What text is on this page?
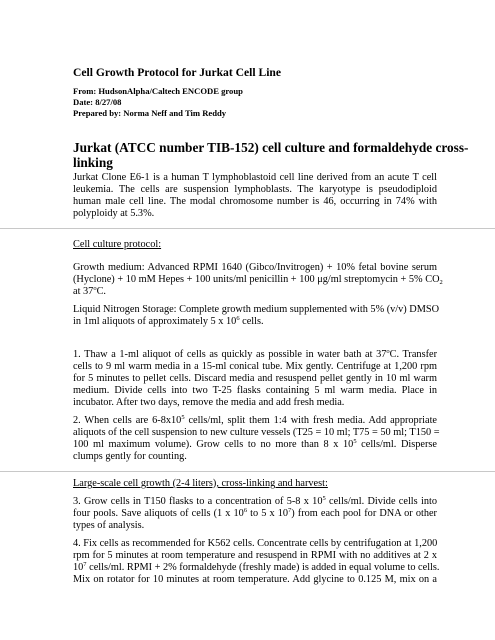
Cell Growth Protocol for Jurkat Cell Line
From: HudsonAlpha/Caltech ENCODE group
Date: 8/27/08
Prepared by: Norma Neff and Tim Reddy
Jurkat (ATCC number TIB-152) cell culture and formaldehyde cross-
linking
Jurkat Clone E6-1 is a human T lymphoblastoid cell line derived from an acute T cell
leukemia. The cells are suspension lymphoblasts. The karyotype is pseudodiploid
human male cell line. The modal chromosome number is 46, occurring in 74% with
polyploidy at 5.3%.
Cell culture protocol:
Growth medium: Advanced RPMI 1640 (Gibco/Invitrogen) + 10% fetal bovine serum
(Hyclone) + 10 mM Hepes + 100 units/ml penicillin + 100 μg/ml streptomycin + 5% $CO_2$
at 37$^o$C.
Liquid Nitrogen Storage: Complete growth medium supplemented with 5% (v/v) DMSO
in 1ml aliquots of approximately 5 x $10^6$ cells.
1. Thaw a 1-ml aliquot of cells as quickly as possible in water bath at 37$^o$C. Transfer
cells to 9 ml warm media in a 15-ml conical tube. Mix gently. Centrifuge at 1,200 rpm
for 5 minutes to pellet cells. Discard media and resuspend pellet gently in 10 ml warm
medium. Divide cells into two T-25 flasks containing 5 ml warm media. Place in
incubator. After two days, remove the media and add fresh media.
2. When cells are $6-8x10^5$ cells/ml, split them 1:4 with fresh media. Add appropriate
aliquots of the cell suspension to new culture vessels (T25 = 10 ml; T75 = 50 ml; T150 =
100 ml maximum volume). Grow cells to no more than 8 x $10^5$ cells/ml. Disperse
clumps gently for counting.
Large-scale cell growth (2-4 liters), cross-linking and harvest:
3. Grow cells in T150 flasks to a concentration of 5-8 x $10^5$ cells/ml. Divide cells into
four pools. Save aliquots of cells (1 x $10^6$ to 5 x $10^7$) from each pool for DNA or other
types of analysis.
4. Fix cells as recommended for K562 cells. Concentrate cells by centrifugation at 1,200
rpm for 5 minutes at room temperature and resuspend in RPMI with no additives at 2 x
$10^7$ cells/ml. RPMI + 2% formaldehyde (freshly made) is added in equal volume to cells.
Mix on rotator for 10 minutes at room temperature. Add glycine to 0.125 M, mix on a
